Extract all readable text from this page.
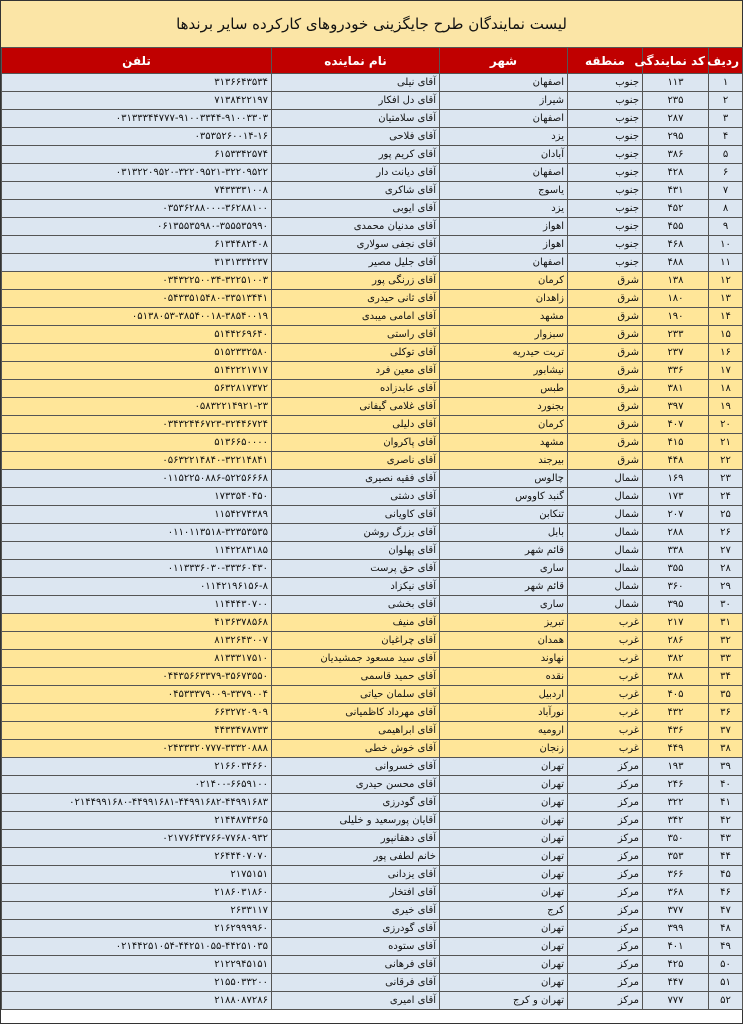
لیست نمایندگان طرح جایگزینی خودروهای کارکرده سایر برندها
ردیف	کد نمایندگی	منطقه	شهر	نام نماینده	تلفن
۱	۱۱۳	جنوب	اصفهان	آقای نیلی	۳۱۳۶۶۴۳۵۳۴
۲	۲۳۵	جنوب	شیراز	آقای دل افکار	۷۱۳۸۴۲۲۱۹۷
۳	۲۸۷	جنوب	اصفهان	آقای سلامتیان	۰۳۱۳۳۳۴۴۷۷۷-۹۱۰۰۳۳۴۴-۹۱۰۰۳۳۰۳
۴	۲۹۵	جنوب	یزد	آقای فلاحی	۰۳۵۳۵۲۶۰۰۱۴-۱۶
۵	۳۸۶	جنوب	آبادان	آقای کریم پور	۶۱۵۳۳۴۲۵۷۴
۶	۴۲۸	جنوب	اصفهان	آقای دیانت دار	۰۳۱۳۲۲۰۹۵۲۰-۳۲۲۰۹۵۲۱-۳۲۲۰۹۵۲۲
۷	۴۳۱	جنوب	یاسوج	آقای شاکری	۷۴۳۳۳۳۱۰۰۸
۸	۴۵۲	جنوب	یزد	آقای ایوبی	۰۳۵۳۶۲۸۸۰۰۰-۳۶۲۸۸۱۰۰
۹	۴۵۵	جنوب	اهواز	آقای مدنیان محمدی	۰۶۱۳۵۵۳۵۹۸۰-۳۵۵۵۳۵۹۹۰
۱۰	۴۶۸	جنوب	اهواز	آقای نجفی سولاری	۶۱۳۴۴۸۲۴۰۸
۱۱	۴۸۸	جنوب	اصفهان	آقای جلیل مصیر	۳۱۳۱۳۳۴۲۳۷
۱۲	۱۳۸	شرق	کرمان	آقای زرنگی پور	۰۳۴۳۲۲۵۰۰۳۴-۳۲۲۵۱۰۰۳
۱۳	۱۸۰	شرق	زاهدان	آقای ثانی حیدری	۰۵۴۳۳۵۱۵۴۸۰-۳۳۵۱۳۴۴۱
۱۴	۱۹۰	شرق	مشهد	آقای امامی میبدی	۰۵۱۳۸۰۵۳-۳۸۵۴۰۰۱۸-۳۸۵۴۰۰۱۹
۱۵	۲۳۳	شرق	سبزوار	آقای راستی	۵۱۴۴۲۶۹۶۴۰
۱۶	۲۳۷	شرق	تربت حیدریه	آقای توکلی	۵۱۵۲۳۳۲۵۸۰
۱۷	۳۳۶	شرق	نیشابور	آقای معین فرد	۵۱۴۲۲۲۱۷۱۷
۱۸	۳۸۱	شرق	طبس	آقای عابدزاده	۵۶۳۲۸۱۷۳۷۲
۱۹	۳۹۷	شرق	بجنورد	آقای غلامی گیفانی	۰۵۸۳۲۲۱۴۹۲۱-۲۳
۲۰	۴۰۷	شرق	کرمان	آقای دلیلی	۰۳۴۳۲۴۴۶۷۲۳-۳۲۴۴۶۷۲۴
۲۱	۴۱۵	شرق	مشهد	آقای پاکروان	۵۱۳۶۶۵۰۰۰۰
۲۲	۴۴۸	شرق	بیرجند	آقای ناصری	۰۵۶۳۲۲۱۴۸۴۰-۳۲۲۱۴۸۴۱
۲۳	۱۶۹	شمال	چالوس	آقای فقیه نصیری	۰۱۱۵۲۲۵۰۸۸۶-۵۲۲۵۶۶۶۸
۲۴	۱۷۳	شمال	گنبد کاووس	آقای دشتی	۱۷۳۳۵۴۰۴۵۰
۲۵	۲۰۷	شمال	تنکابن	آقای کاویانی	۱۱۵۴۲۷۴۳۸۹
۲۶	۲۸۸	شمال	بابل	آقای بزرگ روشن	۰۱۱۰۱۱۳۵۱۸-۳۲۳۵۳۵۳۵
۲۷	۳۳۸	شمال	قائم شهر	آقای پهلوان	۱۱۴۲۲۸۳۱۸۵
۲۸	۳۵۵	شمال	ساری	آقای حق پرست	۰۱۱۳۳۳۶۰۳۰-۳۳۳۶۰۴۳۰
۲۹	۳۶۰	شمال	قائم شهر	آقای نیکزاد	۰۱۱۴۲۱۹۶۱۵۶-۸
۳۰	۳۹۵	شمال	ساری	آقای بخشی	۱۱۴۴۴۳۰۷۰۰
۳۱	۲۱۷	غرب	تبریز	آقای منیف	۴۱۳۶۳۷۸۵۶۸
۳۲	۲۸۶	غرب	همدان	آقای چراغیان	۸۱۳۲۶۴۳۰۰۷
۳۳	۳۸۲	غرب	نهاوند	آقای سید مسعود جمشیدیان	۸۱۳۳۳۱۷۵۱۰
۳۴	۳۸۸	غرب	نقده	آقای حمید قاسمی	۰۴۴۳۵۶۶۳۳۷۹-۳۵۶۷۳۵۵۰
۳۵	۴۰۵	غرب	اردبیل	آقای سلمان حیاتی	۰۴۵۳۳۳۷۹۰۰۹-۳۳۷۹۰۰۴
۳۶	۴۳۲	غرب	نورآباد	آقای مهرداد کاظمیانی	۶۶۳۲۷۲۰۹۰۹
۳۷	۴۳۶	غرب	ارومیه	آقای ابراهیمی	۴۴۳۳۴۷۸۷۳۳
۳۸	۴۴۹	غرب	زنجان	آقای خوش خطی	۰۲۴۳۳۳۲۰۷۷۷-۳۳۳۲۰۸۸۸
۳۹	۱۹۳	مرکز	تهران	آقای خسروانی	۲۱۶۶۰۳۴۶۶۰
۴۰	۲۴۶	مرکز	تهران	آقای محسن حیدری	۰۲۱۴۰۰-۶۶۵۹۱۰۰
۴۱	۳۲۲	مرکز	تهران	آقای گودرزی	۰۲۱۴۴۹۹۱۶۸۰-۴۴۹۹۱۶۸۱-۴۴۹۹۱۶۸۲-۴۴۹۹۱۶۸۳
۴۲	۳۴۲	مرکز	تهران	آقایان پورسعید و خلیلی	۲۱۴۴۸۷۴۳۶۵
۴۳	۳۵۰	مرکز	تهران	آقای دهقانپور	۰۲۱۷۷۶۴۳۷۶۶-۷۷۶۸۰۹۳۲
۴۴	۳۵۳	مرکز	تهران	خانم لطفی پور	۲۶۴۴۴۰۷۰۷۰
۴۵	۳۶۶	مرکز	تهران	آقای یزدانی	۲۱۷۵۱۵۱
۴۶	۳۶۸	مرکز	تهران	آقای افتخار	۲۱۸۶۰۳۱۸۶۰
۴۷	۳۷۷	مرکز	کرج	آقای خیری	۲۶۳۳۱۱۷
۴۸	۳۹۹	مرکز	تهران	آقای گودرزی	۲۱۶۲۹۹۹۹۶۰
۴۹	۴۰۱	مرکز	تهران	آقای ستوده	۰۲۱۴۴۲۵۱۰۵۴-۴۴۲۵۱۰۵۵-۴۴۲۵۱۰۳۵
۵۰	۴۲۵	مرکز	تهران	آقای فرهانی	۲۱۲۲۹۴۵۱۵۱
۵۱	۴۴۷	مرکز	تهران	آقای فرقانی	۲۱۵۵۰۳۳۲۰۰
۵۲	۷۷۷	مرکز	تهران و کرج	آقای امیری	۲۱۸۸۰۸۷۲۸۶
